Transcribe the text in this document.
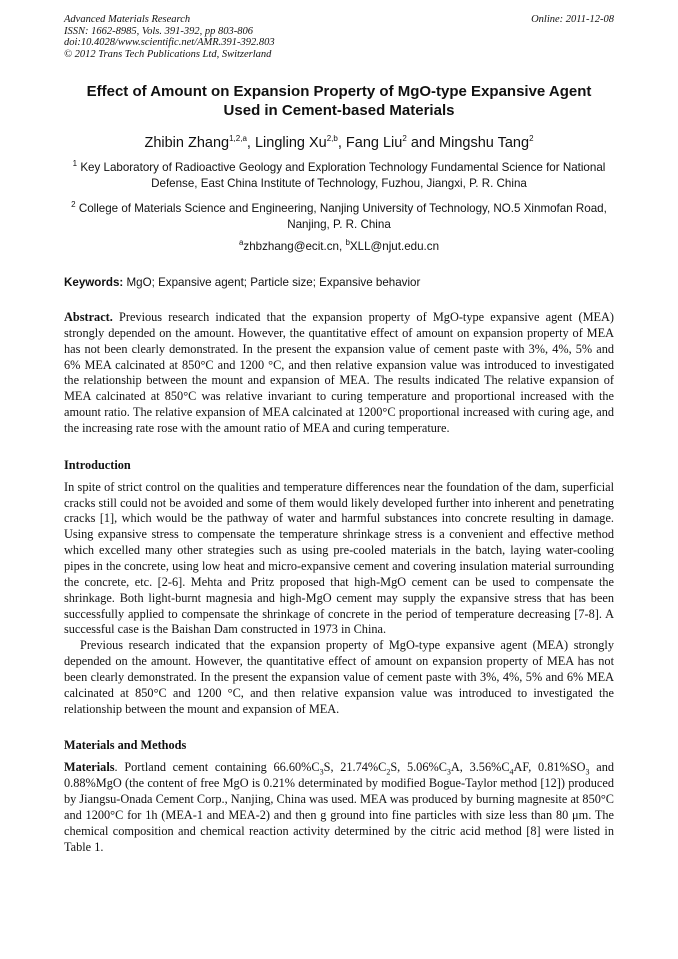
Advanced Materials Research
ISSN: 1662-8985, Vols. 391-392, pp 803-806
doi:10.4028/www.scientific.net/AMR.391-392.803
© 2012 Trans Tech Publications Ltd, Switzerland
Online: 2011-12-08
Effect of Amount on Expansion Property of MgO-type Expansive Agent
Used in Cement-based Materials
Zhibin Zhang$^{1,2,a}$, Lingling Xu$^{2,b}$, Fang Liu$^2$ and Mingshu Tang$^2$
$^1$ Key Laboratory of Radioactive Geology and Exploration Technology Fundamental Science for National Defense, East China Institute of Technology, Fuzhou, Jiangxi, P. R. China
$^2$ College of Materials Science and Engineering, Nanjing University of Technology, NO.5 Xinmofan Road, Nanjing, P. R. China
$^a$zhbzhang@ecit.cn, $^b$XLL@njut.edu.cn
Keywords: MgO; Expansive agent; Particle size; Expansive behavior

Abstract. Previous research indicated that the expansion property of MgO-type expansive agent (MEA) strongly depended on the amount. However, the quantitative effect of amount on expansion property of MEA has not been clearly demonstrated. In the present the expansion value of cement paste with 3%, 4%, 5% and 6% MEA calcinated at 850°C and 1200 °C, and then relative expansion value was introduced to investigated the relationship between the mount and expansion of MEA. The results indicated The relative expansion of MEA calcinated at 850°C was relative invariant to curing temperature and proportional increased with the amount ratio. The relative expansion of MEA calcinated at 1200°C proportional increased with curing age, and the increasing rate rose with the amount ratio of MEA and curing temperature.

Introduction

In spite of strict control on the qualities and temperature differences near the foundation of the dam, superficial cracks still could not be avoided and some of them would likely developed further into inherent and penetrating cracks [1], which would be the pathway of water and harmful substances into concrete resulting in damage. Using expansive stress to compensate the temperature shrinkage stress is a convenient and effective method which excelled many other strategies such as using pre-cooled materials in the batch, laying water-cooling pipes in the concrete, using low heat and micro-expansive cement and covering insulation material surrounding the concrete, etc. [2-6]. Mehta and Pritz proposed that high-MgO cement can be used to compensate the shrinkage. Both light-burnt magnesia and high-MgO cement may supply the expansive stress that has been successfully applied to compensate the shrinkage of concrete in the period of temperature decreasing [7-8]. A successful case is the Baishan Dam constructed in 1973 in China.

Previous research indicated that the expansion property of MgO-type expansive agent (MEA) strongly depended on the amount. However, the quantitative effect of amount on expansion property of MEA has not been clearly demonstrated. In the present the expansion value of cement paste with 3%, 4%, 5% and 6% MEA calcinated at 850°C and 1200 °C, and then relative expansion value was introduced to investigated the relationship between the mount and expansion of MEA.

Materials and Methods

Materials. Portland cement containing $66.60\%C_3S$, $21.74\%C_2S$, $5.06\%C_3A$, $3.56\%C_4AF$, $0.81\%SO_3$ and 0.88%MgO (the content of free MgO is 0.21% determinated by modified Bogue-Taylor method [12]) produced by Jiangsu-Onada Cement Corp., Nanjing, China was used. MEA was produced by burning magnesite at 850°C and 1200°C for 1h (MEA-1 and MEA-2) and then g ground into fine particles with size less than 80 μm. The chemical composition and chemical reaction activity determined by the citric acid method [8] were listed in Table 1.
